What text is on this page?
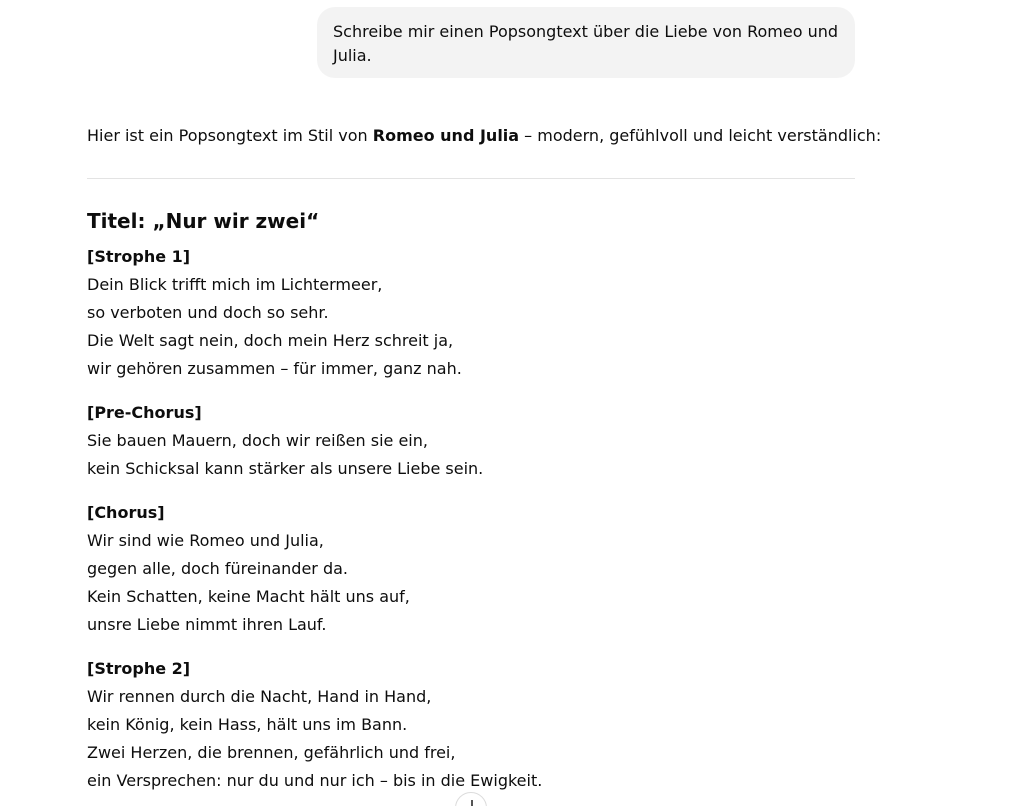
Schreibe mir einen Popsongtext über die Liebe von Romeo und Julia.
Hier ist ein Popsongtext im Stil von Romeo und Julia – modern, gefühlvoll und leicht verständlich:
Titel: „Nur wir zwei“
[Strophe 1]
Dein Blick trifft mich im Lichtermeer,
so verboten und doch so sehr.
Die Welt sagt nein, doch mein Herz schreit ja,
wir gehören zusammen – für immer, ganz nah.
[Pre-Chorus]
Sie bauen Mauern, doch wir reißen sie ein,
kein Schicksal kann stärker als unsere Liebe sein.
[Chorus]
Wir sind wie Romeo und Julia,
gegen alle, doch füreinander da.
Kein Schatten, keine Macht hält uns auf,
unsre Liebe nimmt ihren Lauf.
[Strophe 2]
Wir rennen durch die Nacht, Hand in Hand,
kein König, kein Hass, hält uns im Bann.
Zwei Herzen, die brennen, gefährlich und frei,
ein Versprechen: nur du und nur ich – bis in die Ewigkeit.
